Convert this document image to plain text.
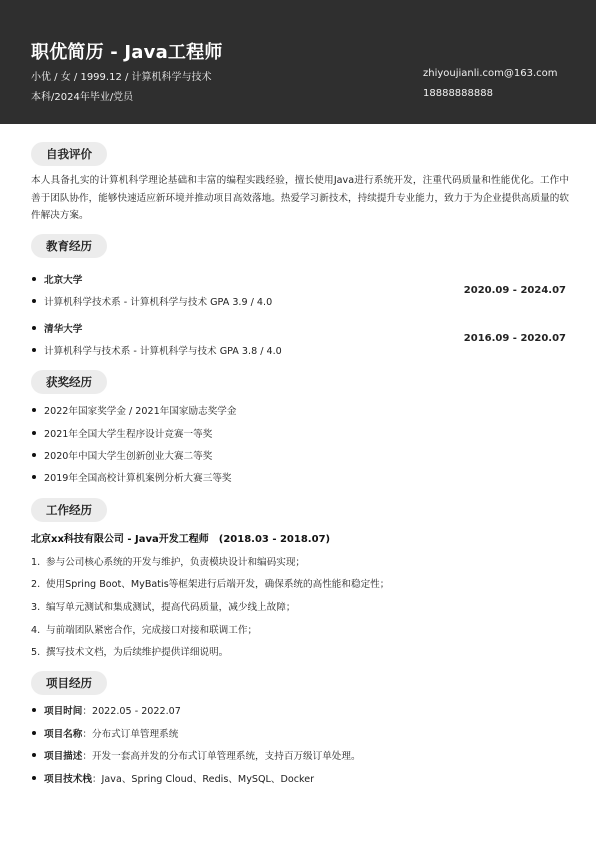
职优简历 - Java工程师
小优 / 女 / 1999.12 / 计算机科学与技术
本科/2024年毕业/党员
zhiyoujianli.com@163.com
18888888888
自我评价
本人具备扎实的计算机科学理论基础和丰富的编程实践经验，擅长使用Java进行系统开发，注重代码质量和性能优化。工作中善于团队协作，能够快速适应新环境并推动项目高效落地。热爱学习新技术，持续提升专业能力，致力于为企业提供高质量的软件解决方案。
教育经历
北京大学
计算机科学技术系 - 计算机科学与技术 GPA 3.9 / 4.0
2020.09 - 2024.07
清华大学
计算机科学与技术系 - 计算机科学与技术 GPA 3.8 / 4.0
2016.09 - 2020.07
获奖经历
2022年国家奖学金 / 2021年国家励志奖学金
2021年全国大学生程序设计竞赛一等奖
2020年中国大学生创新创业大赛二等奖
2019年全国高校计算机案例分析大赛三等奖
工作经历
北京xx科技有限公司 - Java开发工程师　(2018.03 - 2018.07)
1. 参与公司核心系统的开发与维护，负责模块设计和编码实现；
2. 使用Spring Boot、MyBatis等框架进行后端开发，确保系统的高性能和稳定性；
3. 编写单元测试和集成测试，提高代码质量，减少线上故障；
4. 与前端团队紧密合作，完成接口对接和联调工作；
5. 撰写技术文档，为后续维护提供详细说明。
项目经历
项目时间：2022.05 - 2022.07
项目名称：分布式订单管理系统
项目描述：开发一套高并发的分布式订单管理系统，支持百万级订单处理。
项目技术栈：Java、Spring Cloud、Redis、MySQL、Docker
